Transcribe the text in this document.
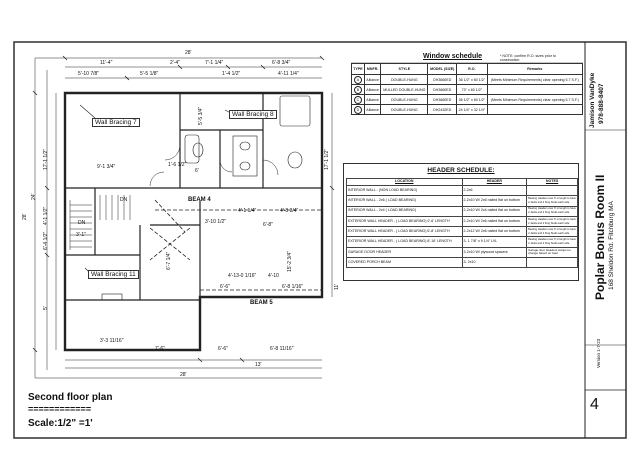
Wall Bracing 7
Wall Bracing 8
Wall Bracing 11
BEAM 4
BEAM 5
DN
DN
11'-4"	2'-4"	7'-1 1/4"	6'-8 3/4"
5'-10 7/8"	5'-5 1/8"	1'-4 1/2"	4'-11 1/4"
28'
3'-3 11/16"
7'-6"	6'-6"	6'-8 11/16"
13'
28'
17'-1 1/2"
24'
28'
6'-4 1/2"
4'-1 1/2"
5'
3'-1"
17'-1 1/2"
11'
9'-1 3/4"	1'-6 1/2"
6'
5'-5 3/4"
4'-1 1/4"	4'-8 3/4"
3'-10 1/2"
6'-7 1/4"
4'-13-0 1/16" 4'-10
6'-8 1/16"
6'-6"
15'-2 3/4"
6'-8"
Window schedule	* NOTE: confirm R.O. sizes prior to construction
TYPE	MNFR.	STYLE	MODEL (SIZE)	R.O.	Remarks
A	Alliance	DOUBLE-HUNG	DH3660ED	36 1/2" x 60 1/2"	(Meets Minimum Requirements) clear opening 5.7 S.F.)
B	Alliance	MULLED DOUBLE-HUNG	DH3660ED	73" x 60 1/2"	
C	Alliance	DOUBLE-HUNG	DH3660ED	36 1/2" x 60 1/2"	(Meets Minimum Requirements) clear opening 5.7 S.F.)
D	Alliance	DOUBLE-HUNG	DH2432ED	24 1/4" x 32 1/4"	
HEADER SCHEDULE:
LOCATION	HEADER	NOTES
INTERIOR WALL - (NON LOAD BEARING)	2-2x6	
INTERIOR WALL - 2x6 ( LOAD BEARING)	2-2x10 W/ 2x6 nailed flat on bottom	Bearing Headers over 6' in length to have 2 Jacks and 2 King Studs each side
INTERIOR WALL - 2x4 ( LOAD BEARING)	2-2x10 W/ 2x4 nailed flat on bottom	Bearing Headers over 6' in length to have 2 Jacks and 2 King Studs each side
EXTERIOR WALL HEADER - ( LOAD BEARING) 0'-6' LENGTH	2-2x10 W/ 2x6 nailed flat on bottom	Bearing Headers over 6' in length to have 2 Jacks and 2 King Studs each side
EXTERIOR WALL HEADER - ( LOAD BEARING) 6'-8' LENGTH	2-2x12 W/ 2x6 nailed flat on bottom	Bearing Headers over 6' in length to have 2 Jacks and 2 King Studs each side
EXTERIOR WALL HEADER - ( LOAD BEARING) 8'-16' LENGTH	3- 1 7/8" x 9 1/4" LVL	Bearing Headers over 6' in length to have 2 Jacks and 2 King Studs each side
GARAGE DOOR HEADER	3-2x10 W/ plywood spacers	Garage door Headers subject to change based on load
COVERED PORCH BEAM	3- 2x10	
Jamison VanDyke 978-888-8407
Poplar Bonus Room II 168 Sheldon Rd. Fitchburg MA
Version 1-7-23
4
Second floor plan
============
Scale:1/2" =1'
